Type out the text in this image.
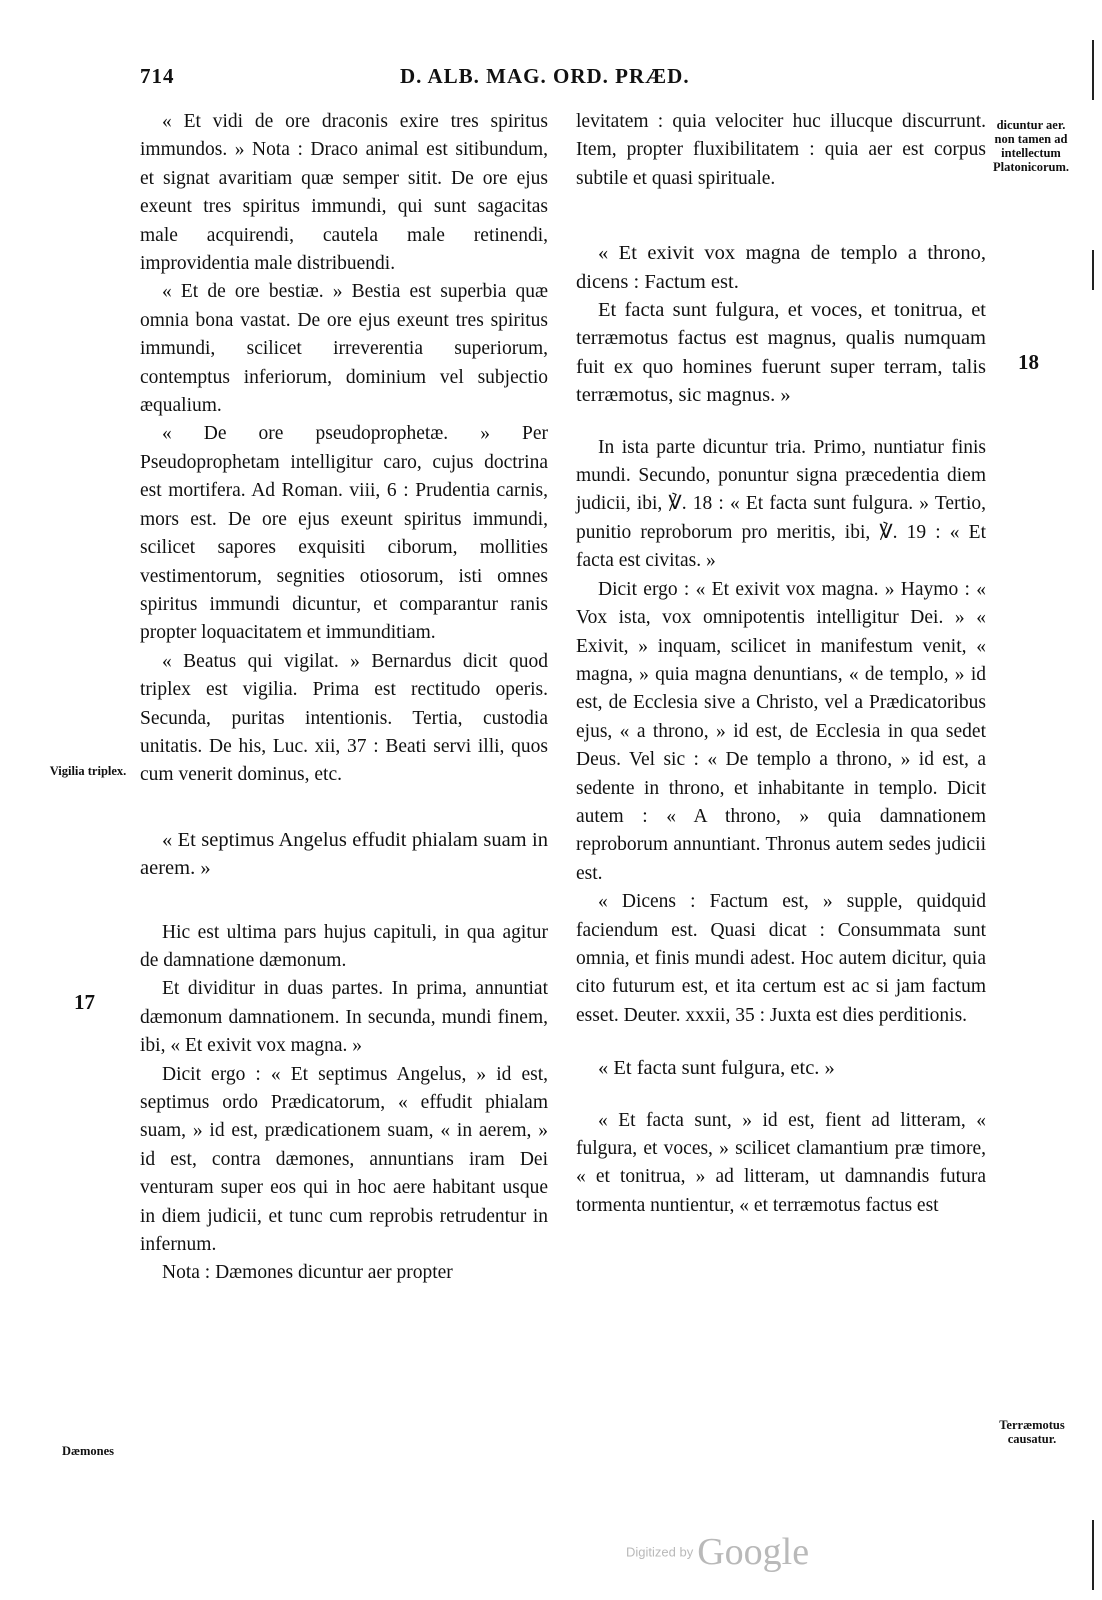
714	D. ALB. MAG. ORD. PRÆD.

« Et vidi de ore draconis exire tres spiritus immundos. » Nota : Draco animal est sitibundum, et signat avaritiam quæ semper sitit. De ore ejus exeunt tres spiritus immundi, qui sunt sagacitas male acquirendi, cautela male retinendi, improvidentia male distribuendi.

« Et de ore bestiæ. » Bestia est superbia quæ omnia bona vastat. De ore ejus exeunt tres spiritus immundi, scilicet irreverentia superiorum, contemptus inferiorum, dominium vel subjectio æqualium.

« De ore pseudoprophetæ. » Per Pseudoprophetam intelligitur caro, cujus doctrina est mortifera. Ad Roman. viii, 6 : Prudentia carnis, mors est. De ore ejus exeunt spiritus immundi, scilicet sapores exquisiti ciborum, mollities vestimentorum, segnities otiosorum, isti omnes spiritus immundi dicuntur, et comparantur ranis propter loquacitatem et immunditiam.

« Beatus qui vigilat. » Bernardus dicit quod triplex est vigilia. Prima est rectitudo operis. Secunda, puritas intentionis. Tertia, custodia unitatis. De his, Luc. xii, 37 : Beati servi illi, quos cum venerit dominus, etc.

« Et septimus Angelus effudit phialam suam in aerem. »

Hic est ultima pars hujus capituli, in qua agitur de damnatione dæmonum.

Et dividitur in duas partes. In prima, annuntiat dæmonum damnationem. In secunda, mundi finem, ibi, « Et exivit vox magna. »

Dicit ergo : « Et septimus Angelus, » id est, septimus ordo Prædicatorum, « effudit phialam suam, » id est, prædicationem suam, « in aerem, » id est, contra dæmones, annuntians iram Dei venturam super eos qui in hoc aere habitant usque in diem judicii, et tunc cum reprobis retrudentur in infernum.

Nota : Dæmones dicuntur aer propter

levitatem : quia velociter huc illucque discurrunt. Item, propter fluxibilitatem : quia aer est corpus subtile et quasi spirituale.

« Et exivit vox magna de templo a throno, dicens : Factum est.

Et facta sunt fulgura, et voces, et tonitrua, et terræmotus factus est magnus, qualis numquam fuit ex quo homines fuerunt super terram, talis terræmotus, sic magnus. »

In ista parte dicuntur tria. Primo, nuntiatur finis mundi. Secundo, ponuntur signa præcedentia diem judicii, ibi, ℣. 18 : « Et facta sunt fulgura. » Tertio, punitio reproborum pro meritis, ibi, ℣. 19 : « Et facta est civitas. »

Dicit ergo : « Et exivit vox magna. » Haymo : « Vox ista, vox omnipotentis intelligitur Dei. » « Exivit, » inquam, scilicet in manifestum venit, « magna, » quia magna denuntians, « de templo, » id est, de Ecclesia sive a Christo, vel a Prædicatoribus ejus, « a throno, » id est, de Ecclesia in qua sedet Deus. Vel sic : « De templo a throno, » id est, a sedente in throno, et inhabitante in templo. Dicit autem : « A throno, » quia damnationem reproborum annuntiant. Thronus autem sedes judicii est.

« Dicens : Factum est, » supple, quidquid faciendum est. Quasi dicat : Consummata sunt omnia, et finis mundi adest. Hoc autem dicitur, quia cito futurum est, et ita certum est ac si jam factum esset. Deuter. xxxii, 35 : Juxta est dies perditionis.

« Et facta sunt fulgura, etc. »

« Et facta sunt, » id est, fient ad litteram, « fulgura, et voces, » scilicet clamantium præ timore, « et tonitrua, » ad litteram, ut damnandis futura tormenta nuntientur, « et terræmotus factus est

Vigilia triplex.
Dæmones
dicuntur aer. non tamen ad intellectum Platonicorum.
Terræmotus causatur.
17
18
Digitized by Google
